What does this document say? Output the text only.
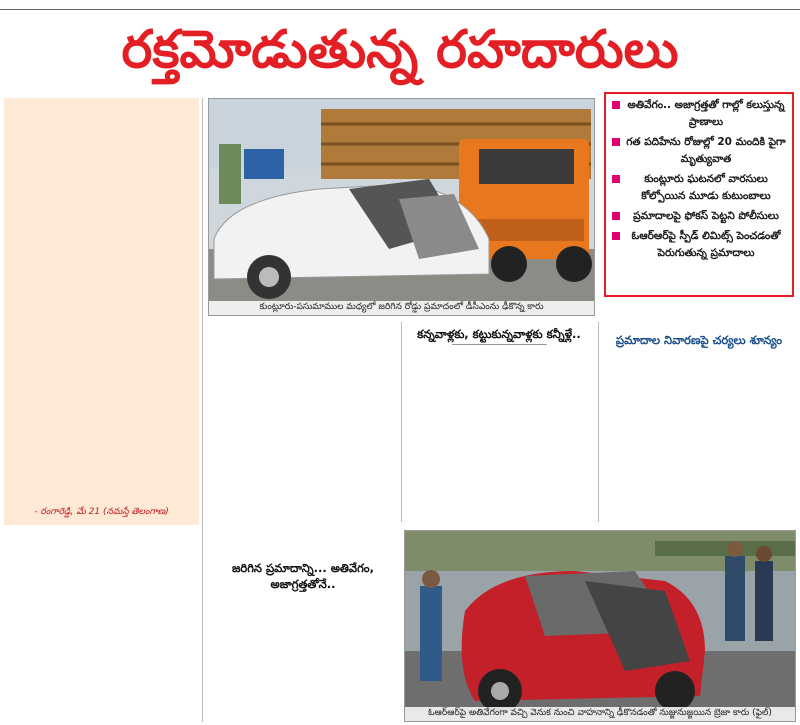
రక్తమోడుతున్న రహదారులు
- రంగారెడ్డి, మే 21 (నమస్తే తెలంగాణ)

కుంట్లూరు-పసుమాముల మధ్యలో జరిగిన రోడ్డు ప్రమాదంలో డీసీఎంను ఢీకొన్న కారు

జరిగిన ప్రమాదాన్ని... అతివేగం, అజాగ్రత్తతోనే..

అతివేగం.. అజాగ్రత్తతో గాల్లో కలుస్తున్న ప్రాణాలు
గత పదిహేను రోజుల్లో 20 మందికి పైగా మృత్యువాత
కుంట్లూరు ఘటనలో వారసులు కోల్పోయిన మూడు కుటుంబాలు
ప్రమాదాలపై ఫోకస్ పెట్టని పోలీసులు
ఓఆర్ఆర్‌పై స్పీడ్ లిమిట్స్ పెంచడంతో పెరుగుతున్న ప్రమాదాలు

ప్రమాదాల నివారణపై చర్యలు శూన్యం

కన్నవాళ్లకు, కట్టుకున్నవాళ్లకు కన్నీళ్లే..

ఓఆర్ఆర్‌పై అతివేగంగా వచ్చి వెనుక నుంచి వాహనాన్ని ఢీకొనడంతో నుజ్జునుజ్జయిన బ్రెజా కారు (ఫైల్)
